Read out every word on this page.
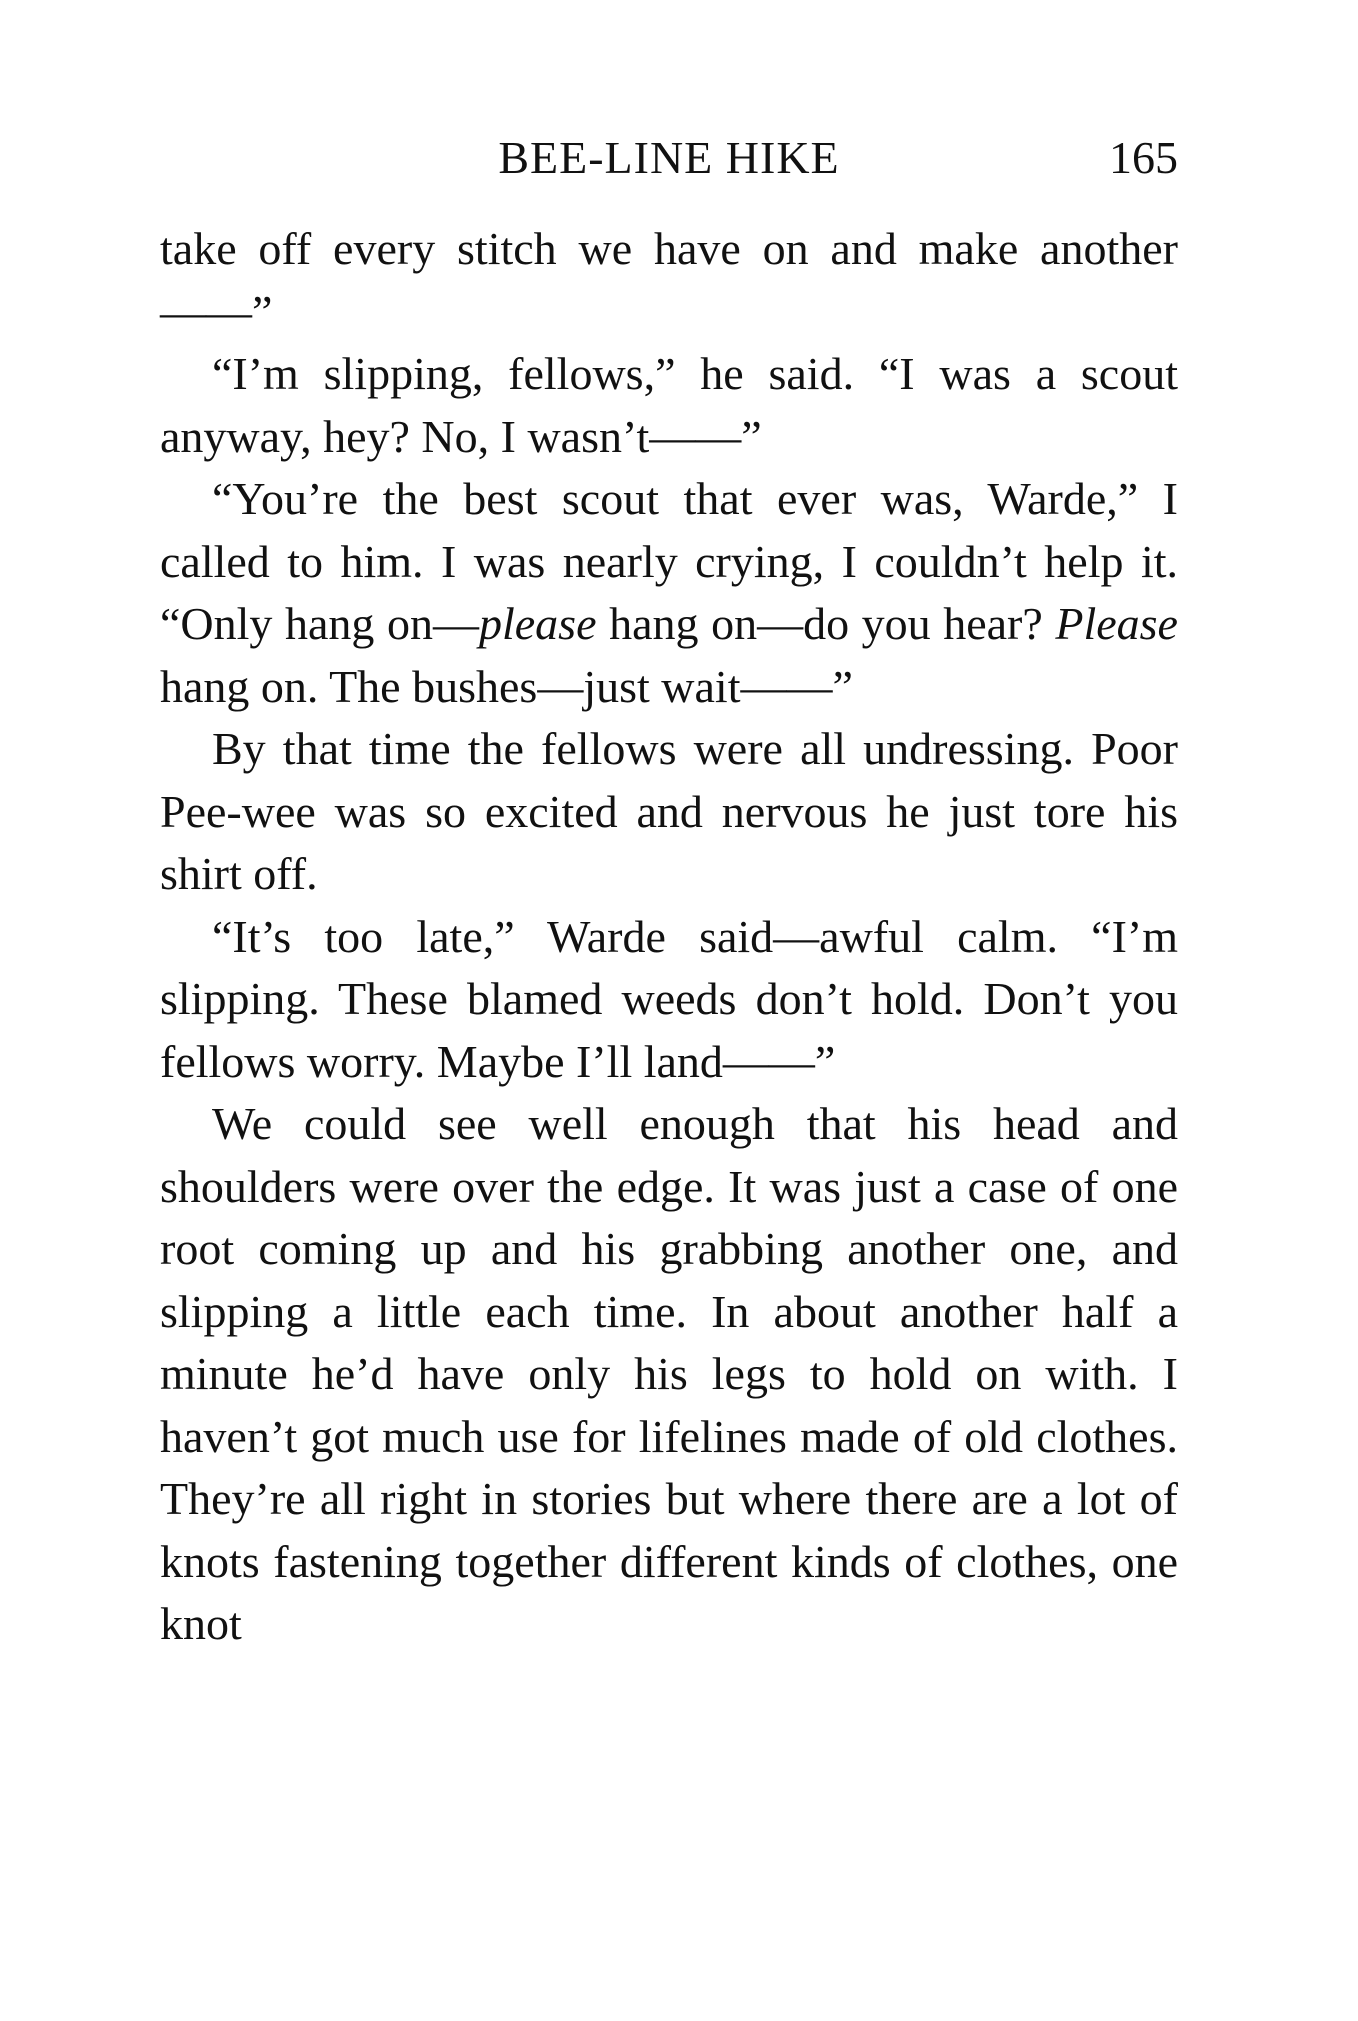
BEE-LINE HIKE	165

take off every stitch we have on and make another——”

“I’m slipping, fellows,” he said. “I was a scout anyway, hey? No, I wasn’t——”

“You’re the best scout that ever was, Warde,” I called to him. I was nearly crying, I couldn’t help it. “Only hang on—please hang on—do you hear? Please hang on. The bushes—just wait——”

By that time the fellows were all undressing. Poor Pee-wee was so excited and nervous he just tore his shirt off.

“It’s too late,” Warde said—awful calm. “I’m slipping. These blamed weeds don’t hold. Don’t you fellows worry. Maybe I’ll land——”

We could see well enough that his head and shoulders were over the edge. It was just a case of one root coming up and his grabbing another one, and slipping a little each time. In about another half a minute he’d have only his legs to hold on with. I haven’t got much use for lifelines made of old clothes. They’re all right in stories but where there are a lot of knots fastening together different kinds of clothes, one knot
